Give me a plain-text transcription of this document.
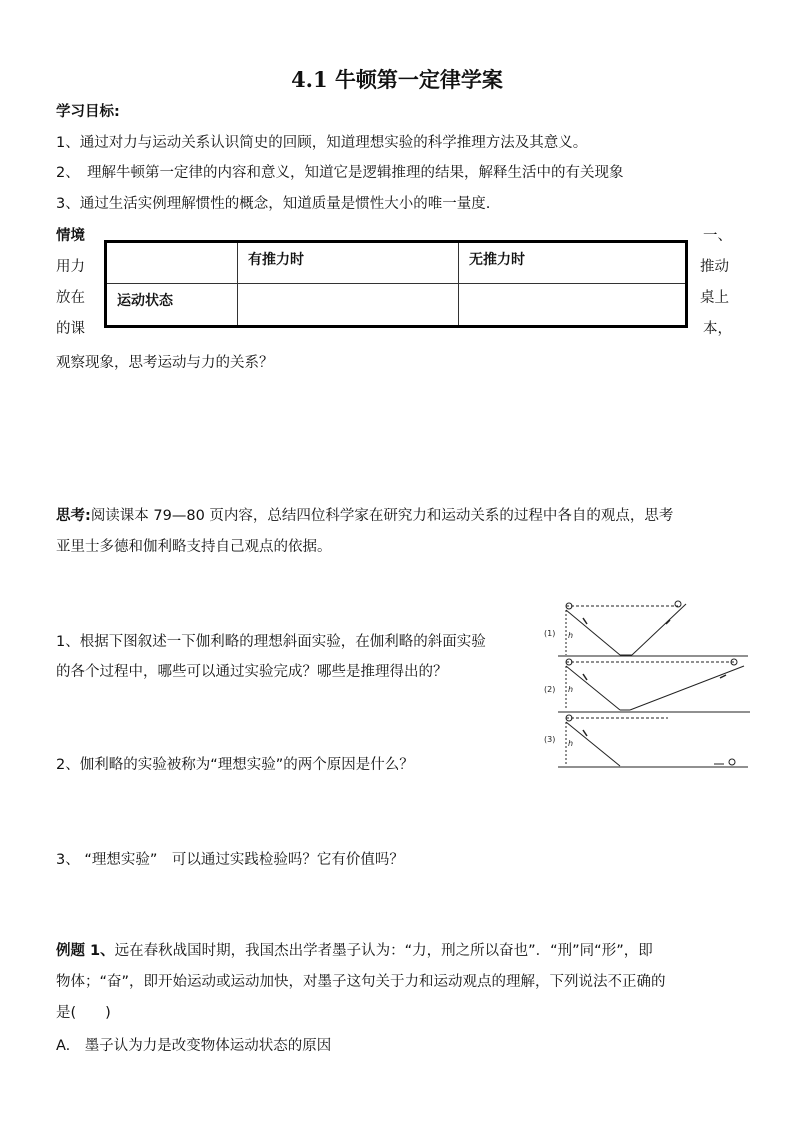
4.1 牛顿第一定律学案
学习目标:
1、通过对力与运动关系认识简史的回顾，知道理想实验的科学推理方法及其意义。
2、　理解牛顿第一定律的内容和意义，知道它是逻辑推理的结果，解释生活中的有关现象
3、通过生活实例理解惯性的概念，知道质量是惯性大小的唯一量度.
情境
用力
放在
的课
一、
推动
桌上
本，
	有推力时	无推力时
运动状态		
观察现象，思考运动与力的关系？
思考:阅读课本 79—80 页内容，总结四位科学家在研究力和运动关系的过程中各自的观点，思考
亚里士多德和伽利略支持自己观点的依据。
1、根据下图叙述一下伽利略的理想斜面实验，在伽利略的斜面实验
的各个过程中，哪些可以通过实验完成？哪些是推理得出的？
2、伽利略的实验被称为“理想实验”的两个原因是什么？
3、 “理想实验”　可以通过实践检验吗？它有价值吗？
(1)
(2)
(3)
h
h
h
例题 1、远在春秋战国时期，我国杰出学者墨子认为：“力，刑之所以奋也”．“刑”同“形”，即
物体；“奋”，即开始运动或运动加快，对墨子这句关于力和运动观点的理解，下列说法不正确的
是(　　)
A.　墨子认为力是改变物体运动状态的原因
